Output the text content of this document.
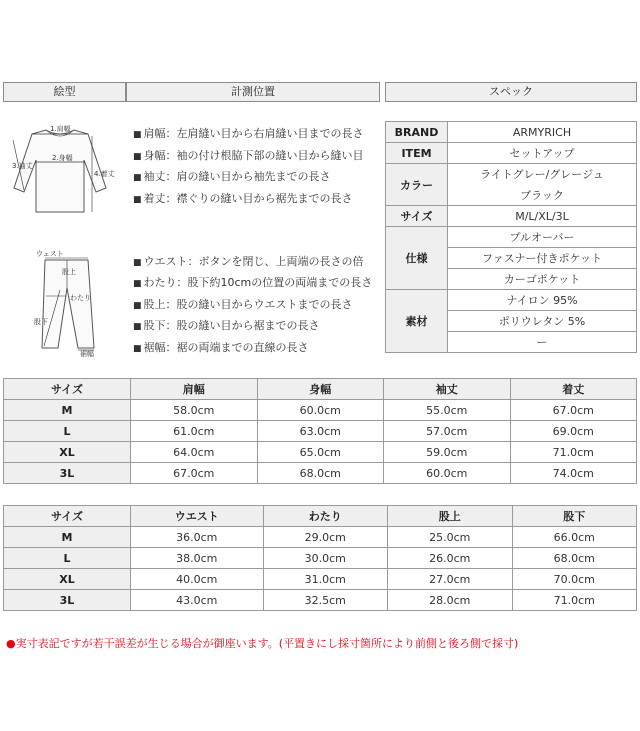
絵型	計測位置	スペック
1.肩幅
2.身幅
3.袖丈
4.着丈
ウェスト
股上
わたり
股下
裾幅
■ 肩幅：左肩縫い目から右肩縫い目までの長さ
■ 身幅：袖の付け根脇下部の縫い目から縫い目
■ 袖丈：肩の縫い目から袖先までの長さ
■ 着丈：襟ぐりの縫い目から裾先までの長さ
■ ウエスト：ボタンを閉じ、上両端の長さの倍
■ わたり：股下約10cmの位置の両端までの長さ
■ 股上：股の縫い目からウエストまでの長さ
■ 股下：股の縫い目から裾までの長さ
■ 裾幅：裾の両端までの直線の長さ
BRAND	ARMYRICH
ITEM	セットアップ
カラー	ライトグレー/グレージュ
	ブラック
サイズ	M/L/XL/3L
仕様	プルオーバー
	ファスナー付きポケット
	カーゴポケット
素材	ナイロン 95%
	ポリウレタン 5%
	ー
サイズ	肩幅	身幅	袖丈	着丈
M	58.0cm	60.0cm	55.0cm	67.0cm
L	61.0cm	63.0cm	57.0cm	69.0cm
XL	64.0cm	65.0cm	59.0cm	71.0cm
3L	67.0cm	68.0cm	60.0cm	74.0cm
サイズ	ウエスト	わたり	股上	股下
M	36.0cm	29.0cm	25.0cm	66.0cm
L	38.0cm	30.0cm	26.0cm	68.0cm
XL	40.0cm	31.0cm	27.0cm	70.0cm
3L	43.0cm	32.5cm	28.0cm	71.0cm
●実寸表記ですが若干誤差が生じる場合が御座います。(平置きにし採寸箇所により前側と後ろ側で採寸)
